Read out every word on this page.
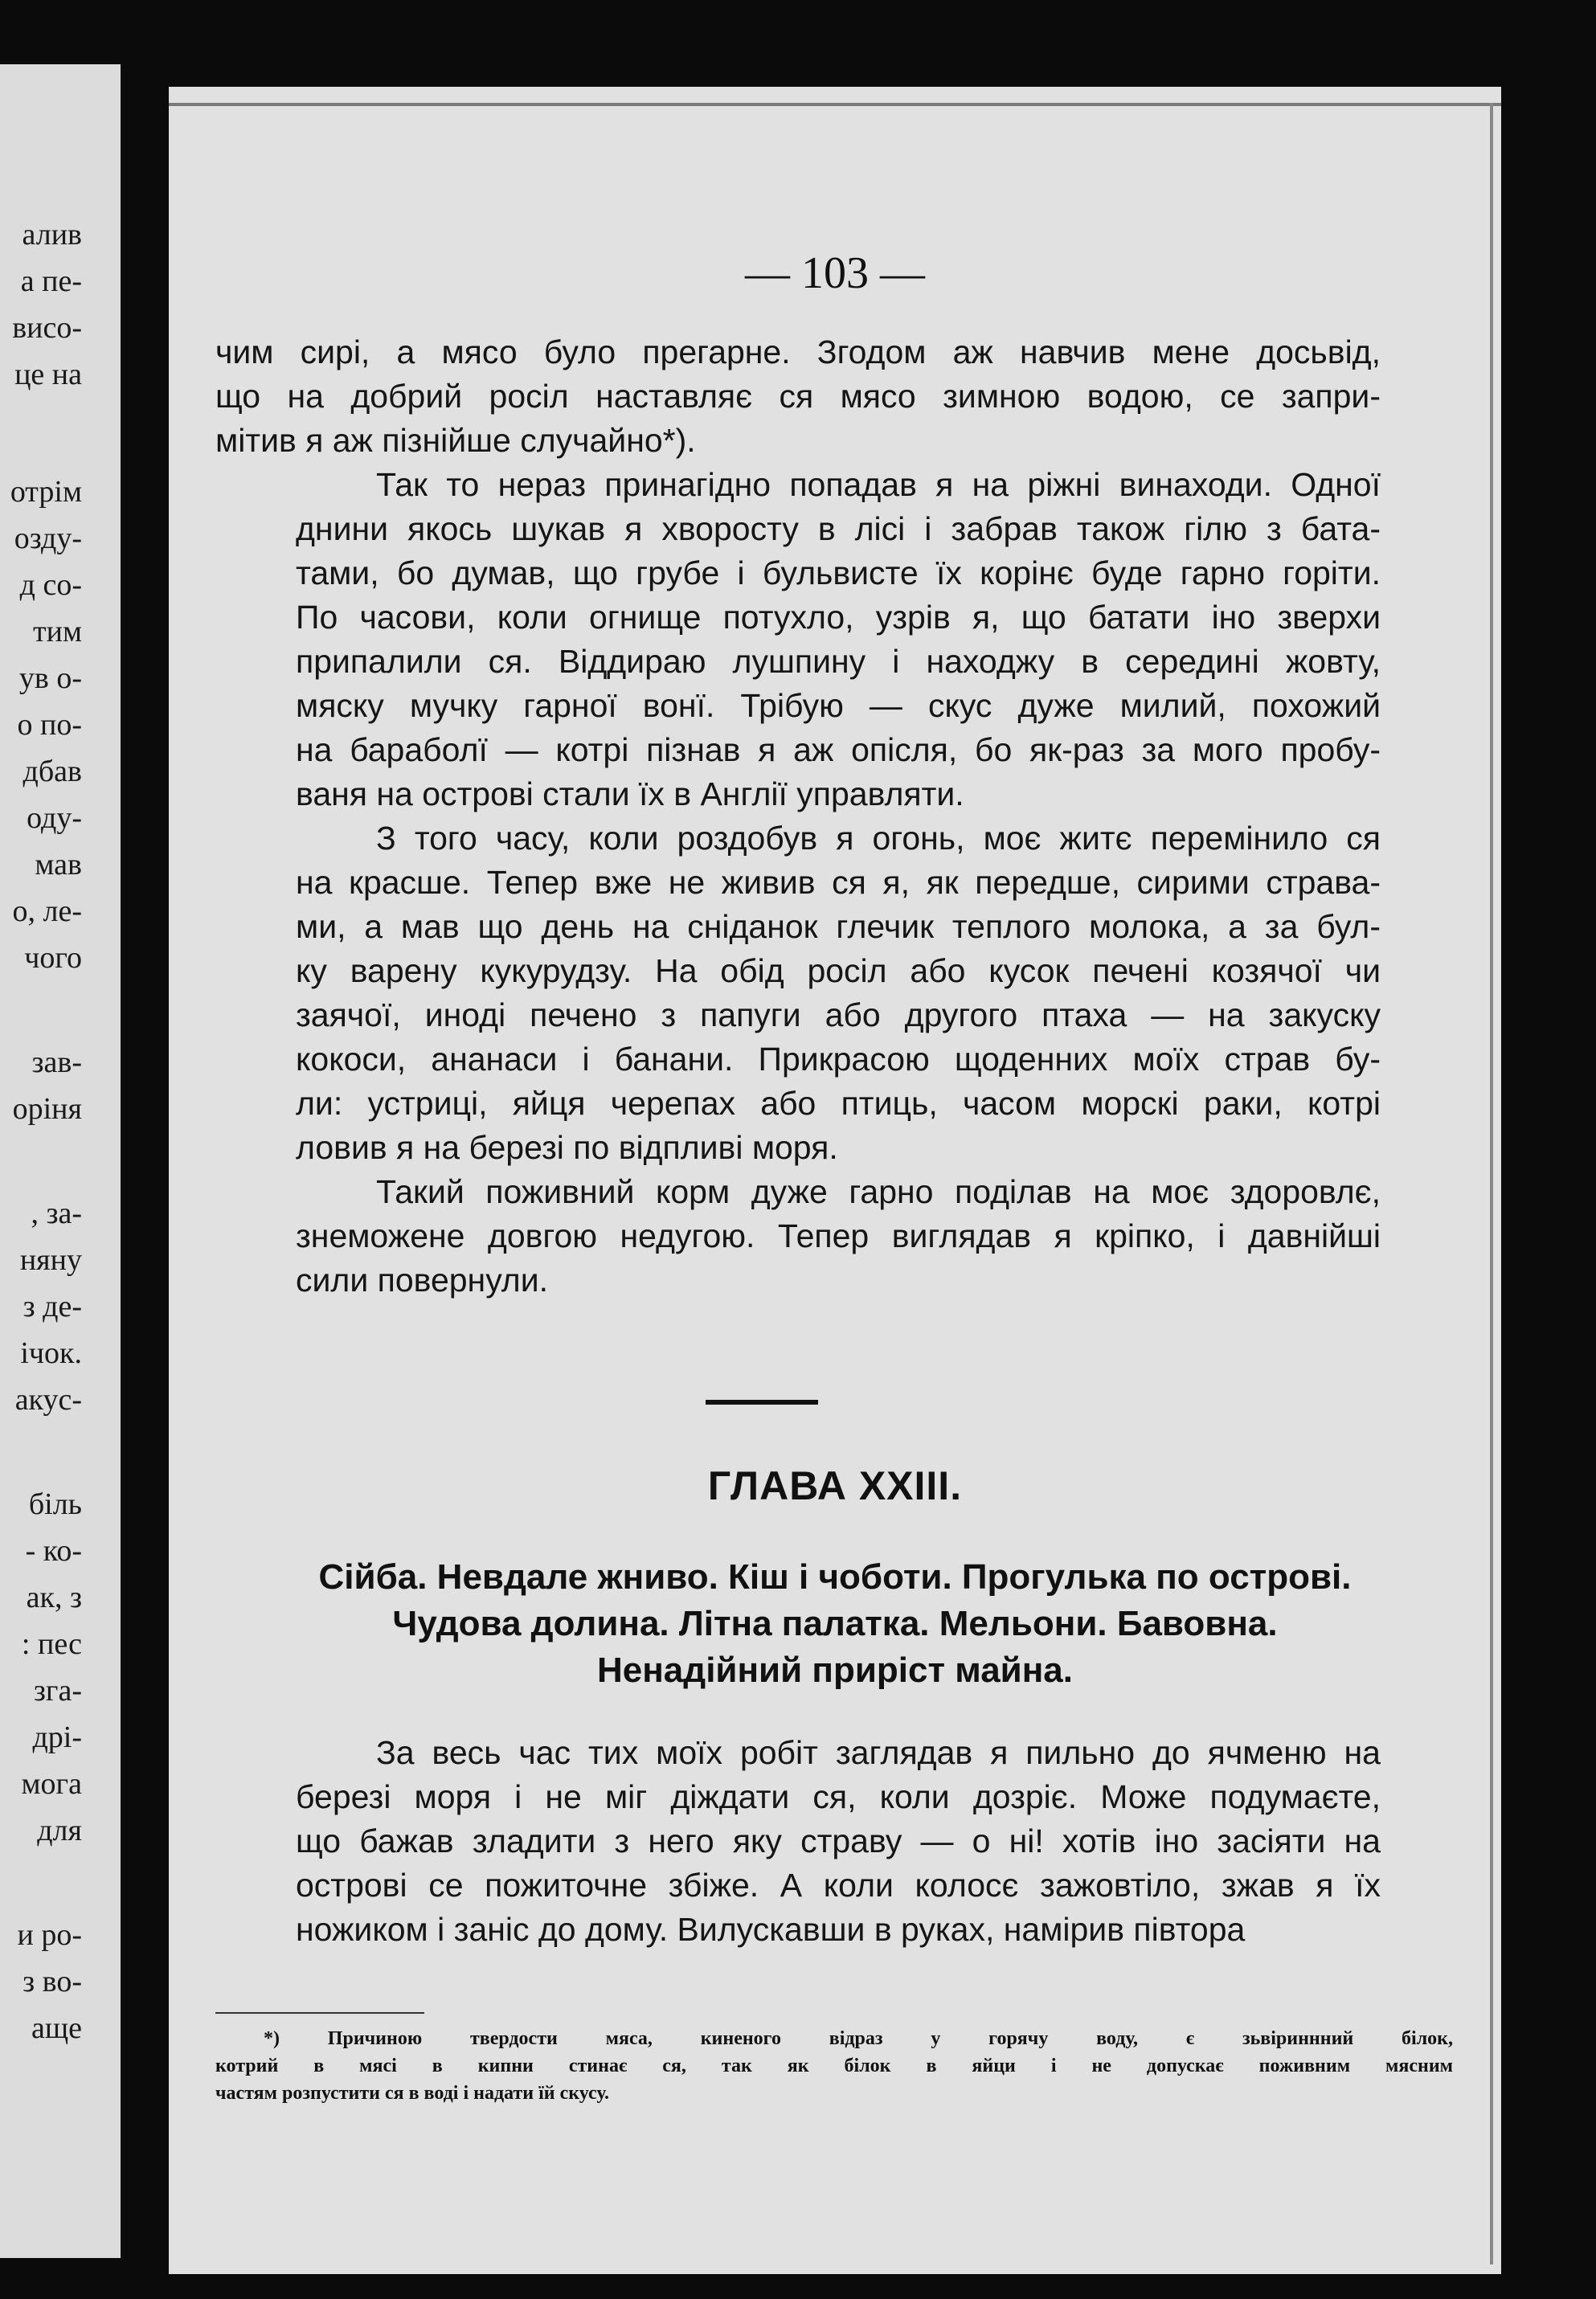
алив
а пе-
висо-
це на
отрім
озду-
д со-
тим
ув о-
о по-
дбав
оду-
мав
о, ле-
чого
зав-
оріня
, за-
няну
з де-
ічок.
акус-
біль
- ко-
ак, з
: пес
зга-
дрі-
мога
для
и ро-
з во-
аще
— 103 —

чим сирі, а мясо було прегарне. Згодом аж навчив мене досьвід,
що на добрий росіл наставляє ся мясо зимною водою, се запри-
мітив я аж пізнійше случайно*).

Так то нераз принагідно попадав я на ріжні винаходи. Одної
днини якось шукав я хворосту в лісі і забрав також гілю з бата-
тами, бо думав, що грубе і бульвисте їх корінє буде гарно горіти.
По часови, коли огнище потухло, узрів я, що батати іно зверхи
припалили ся. Віддираю лушпину і находжу в середині жовту,
мяску мучку гарної вонї. Трібую — скус дуже милий, похожий
на бараболї — котрі пізнав я аж опісля, бо як-раз за мого пробу-
ваня на острові стали їх в Англії управляти.

З того часу, коли роздобув я огонь, моє житє перемінило ся
на красше. Тепер вже не живив ся я, як передше, сирими страва-
ми, а мав що день на сніданок глечик теплого молока, а за бул-
ку варену кукурудзу. На обід росіл або кусок печені козячої чи
заячої, иноді печено з папуги або другого птаха — на закуску
кокоси, ананаси і банани. Прикрасою щоденних моїх страв бу-
ли: устриці, яйця черепах або птиць, часом морскі раки, котрі
ловив я на березі по відпливі моря.

Такий поживний корм дуже гарно поділав на моє здоровлє,
знеможене довгою недугою. Тепер виглядав я кріпко, і давнійші
сили повернули.

ГЛАВА XXIII.
Сійба. Невдале жниво. Кіш і чоботи. Прогулька по острові.
Чудова долина. Літна палатка. Мельони. Бавовна.
Ненадійний приріст майна.

За весь час тих моїх робіт заглядав я пильно до ячменю на
березі моря і не міг діждати ся, коли дозріє. Може подумаєте,
що бажав зладити з него яку страву — о ні! хотів іно засіяти на
острові се пожиточне збіже. А коли колосє зажовтіло, зжав я їх
ножиком і заніс до дому. Вилускавши в руках, намірив півтора

*) Причиною твердости мяса, киненого відраз у горячу воду, є зьвіриннний білок,
котрий в мясі в кипни стинає ся, так як білок в яйци і не допускає поживним мясним
частям розпустити ся в воді і надати їй скусу.
